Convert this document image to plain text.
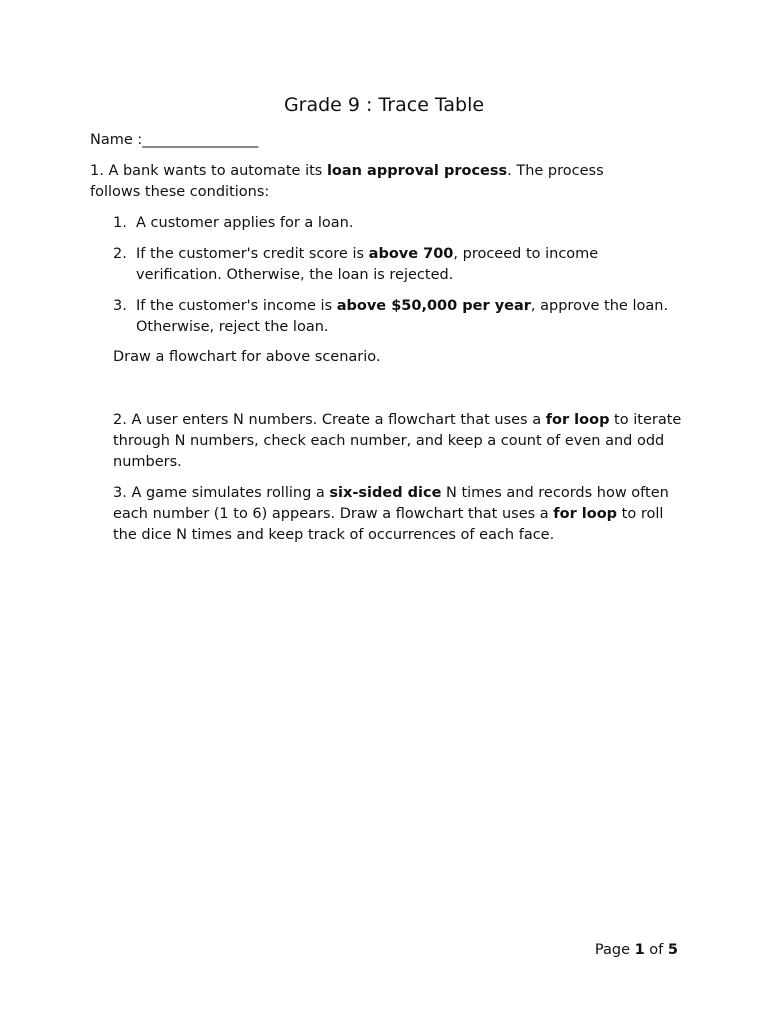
Grade 9 : Trace Table

Name :________________

1. A bank wants to automate its loan approval process. The process follows these conditions:

1. A customer applies for a loan.
2. If the customer's credit score is above 700, proceed to income verification. Otherwise, the loan is rejected.
3. If the customer's income is above $50,000 per year, approve the loan. Otherwise, reject the loan.

Draw a flowchart for above scenario.

2. A user enters N numbers. Create a flowchart that uses a for loop to iterate through N numbers, check each number, and keep a count of even and odd numbers.

3. A game simulates rolling a six-sided dice N times and records how often each number (1 to 6) appears. Draw a flowchart that uses a for loop to roll the dice N times and keep track of occurrences of each face.

Page 1 of 5
